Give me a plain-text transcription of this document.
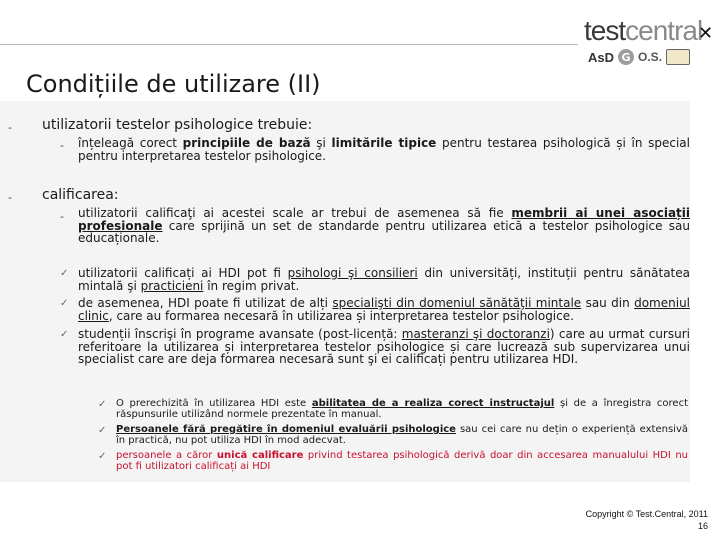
testcentral
✕
AsD G O.S.
Condițiile de utilizare (II)
- utilizatorii testelor psihologice trebuie:

- înțeleagă corect principiile de bază şi limitările tipice pentru testarea psihologică și în special pentru interpretarea testelor psihologice.

- calificarea:

- utilizatorii calificaţi ai acestei scale ar trebui de asemenea să fie membrii ai unei asociații profesionale care sprijină un set de standarde pentru utilizarea etică a testelor psihologice sau educaționale.

✓ utilizatorii calificați ai HDI pot fi psihologi şi consilieri din universități, instituții pentru sănătatea mintală şi practicieni în regim privat.

✓ de asemenea, HDI poate fi utilizat de alți specialişti din domeniul sănătăţii mintale sau din domeniul clinic, care au formarea necesară în utilizarea și interpretarea testelor psihologice.

✓ studenții înscrişi în programe avansate (post-licență: masteranzi şi doctoranzi) care au urmat cursuri referitoare la utilizarea și interpretarea testelor psihologice și care lucrează sub supervizarea unui specialist care are deja formarea necesară sunt şi ei calificați pentru utilizarea HDI.

✓ O prerechizită în utilizarea HDI este abilitatea de a realiza corect instructajul și de a înregistra corect răspunsurile utilizând normele prezentate în manual.

✓ Persoanele fără pregătire în domeniul evaluării psihologice sau cei care nu dețin o experiență extensivă în practică, nu pot utiliza HDI în mod adecvat.

✓ persoanele a căror unică calificare privind testarea psihologică derivă doar din accesarea manualului HDI nu pot fi utilizatori calificați ai HDI

Copyright © Test.Central, 2011
16
